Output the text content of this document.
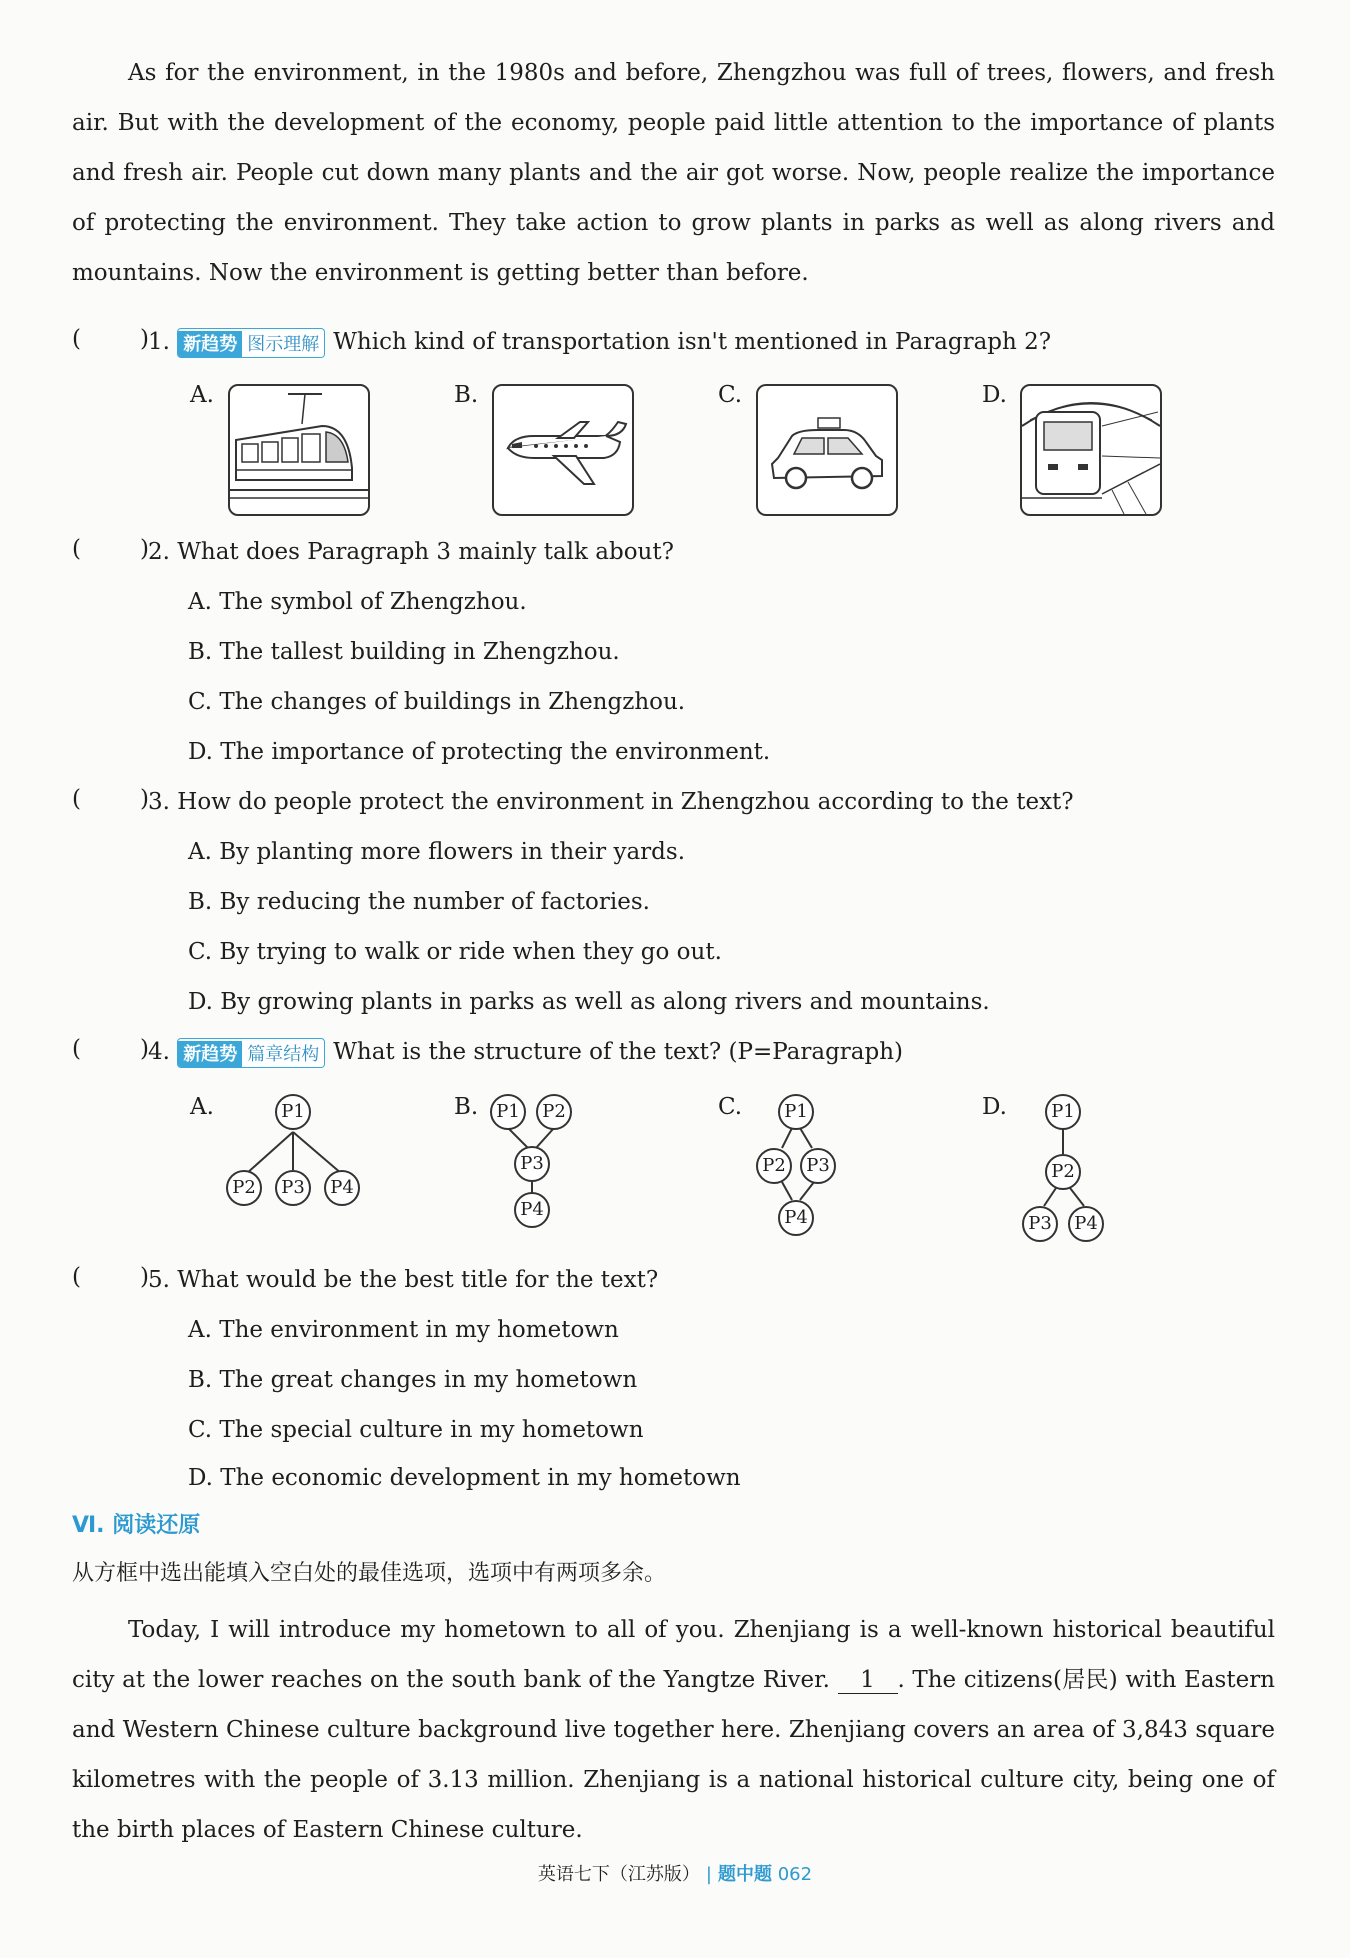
As for the environment, in the 1980s and before, Zhengzhou was full of trees, flowers, and fresh air. But with the development of the economy, people paid little attention to the importance of plants and fresh air. People cut down many plants and the air got worse. Now, people realize the importance of protecting the environment. They take action to grow plants in parks as well as along rivers and mountains. Now the environment is getting better than before.

(	) 1. 新趋势 图示理解 Which kind of transportation isn't mentioned in Paragraph 2?
A.	B.	C.	D.
(	) 2. What does Paragraph 3 mainly talk about?
A. The symbol of Zhengzhou.
B. The tallest building in Zhengzhou.
C. The changes of buildings in Zhengzhou.
D. The importance of protecting the environment.
(	) 3. How do people protect the environment in Zhengzhou according to the text?
A. By planting more flowers in their yards.
B. By reducing the number of factories.
C. By trying to walk or ride when they go out.
D. By growing plants in parks as well as along rivers and mountains.
(	) 4. 新趋势 篇章结构 What is the structure of the text? (P=Paragraph)
A.	B.	C.	D.
P1
P2	P3	P4
P1	P2
P3
P4
P1
P2	P3
P4
P1
P2
P3	P4
(	) 5. What would be the best title for the text?
A. The environment in my hometown
B. The great changes in my hometown
C. The special culture in my hometown
D. The economic development in my hometown
Ⅵ. 阅读还原
从方框中选出能填入空白处的最佳选项，选项中有两项多余。

Today, I will introduce my hometown to all of you. Zhenjiang is a well-known historical beautiful city at the lower reaches on the south bank of the Yangtze River. 1 . The citizens(居民) with Eastern and Western Chinese culture background live together here. Zhenjiang covers an area of 3,843 square kilometres with the people of 3.13 million. Zhenjiang is a national historical culture city, being one of the birth places of Eastern Chinese culture.

英语七下（江苏版） | 题中题 062
